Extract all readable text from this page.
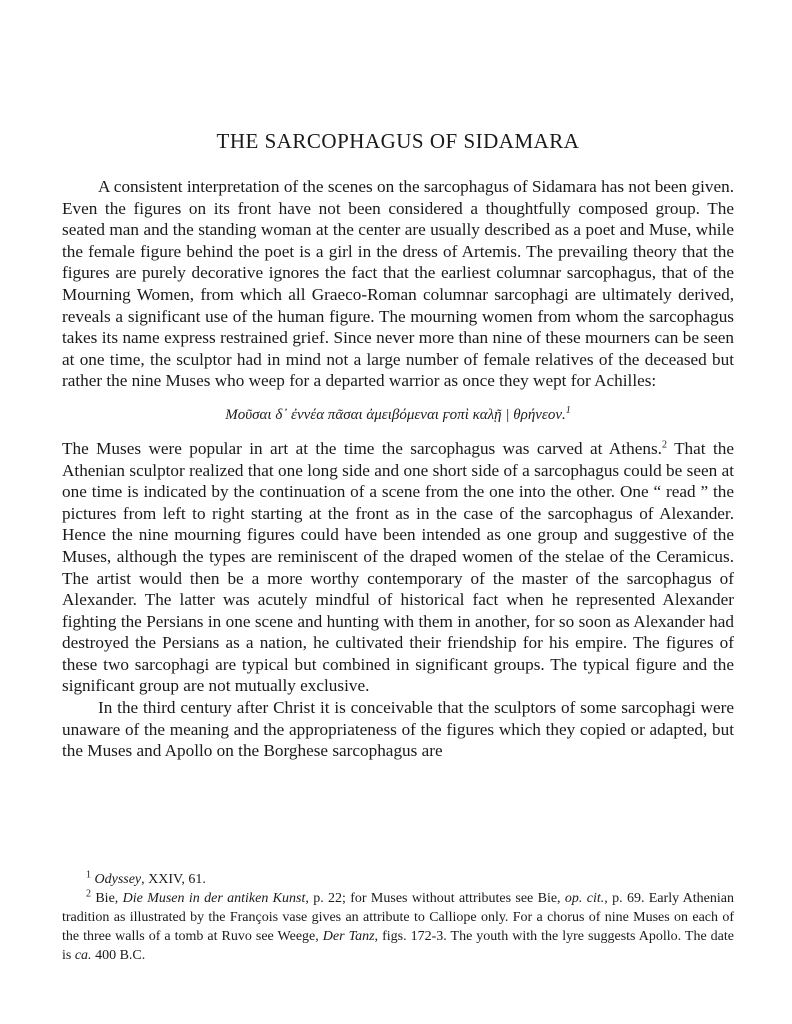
THE SARCOPHAGUS OF SIDAMARA

A consistent interpretation of the scenes on the sarcophagus of Sidamara has not been given. Even the figures on its front have not been considered a thoughtfully composed group. The seated man and the standing woman at the center are usually described as a poet and Muse, while the female figure behind the poet is a girl in the dress of Artemis. The prevailing theory that the figures are purely decorative ignores the fact that the earliest columnar sarcophagus, that of the Mourning Women, from which all Graeco-Roman columnar sarcophagi are ultimately derived, reveals a significant use of the human figure. The mourning women from whom the sarcophagus takes its name express restrained grief. Since never more than nine of these mourners can be seen at one time, the sculptor had in mind not a large number of female relatives of the deceased but rather the nine Muses who weep for a departed warrior as once they wept for Achilles:

Μοῦσαι δ᾽ ἐννέα πᾶσαι ἀμειβόμεναι ϝοπὶ καλῇ | θρήνεον.$^1$

The Muses were popular in art at the time the sarcophagus was carved at Athens.$^2$ That the Athenian sculptor realized that one long side and one short side of a sarcophagus could be seen at one time is indicated by the continuation of a scene from the one into the other. One “ read ” the pictures from left to right starting at the front as in the case of the sarcophagus of Alexander. Hence the nine mourning figures could have been intended as one group and suggestive of the Muses, although the types are reminiscent of the draped women of the stelae of the Ceramicus. The artist would then be a more worthy contemporary of the master of the sarcophagus of Alexander. The latter was acutely mindful of historical fact when he represented Alexander fighting the Persians in one scene and hunting with them in another, for so soon as Alexander had destroyed the Persians as a nation, he cultivated their friendship for his empire. The figures of these two sarcophagi are typical but combined in significant groups. The typical figure and the significant group are not mutually exclusive.

In the third century after Christ it is conceivable that the sculptors of some sarcophagi were unaware of the meaning and the appropriateness of the figures which they copied or adapted, but the Muses and Apollo on the Borghese sarcophagus are

$^1$ Odyssey, XXIV, 61.

$^2$ Bie, Die Musen in der antiken Kunst, p. 22; for Muses without attributes see Bie, op. cit., p. 69. Early Athenian tradition as illustrated by the François vase gives an attribute to Calliope only. For a chorus of nine Muses on each of the three walls of a tomb at Ruvo see Weege, Der Tanz, figs. 172-3. The youth with the lyre suggests Apollo. The date is ca. 400 B.C.
